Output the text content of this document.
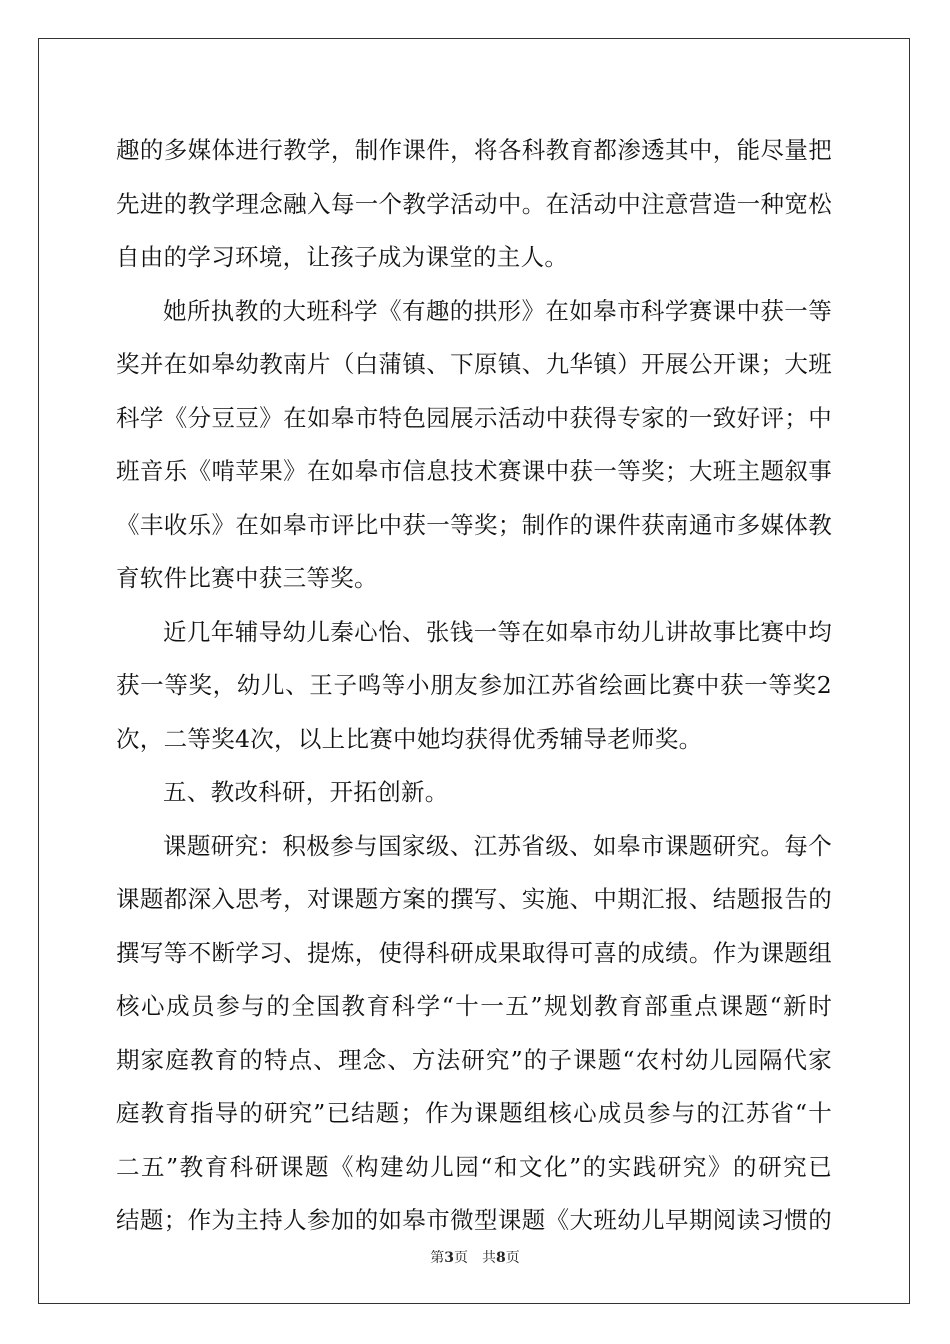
趣的多媒体进行教学，制作课件，将各科教育都渗透其中，能尽量把
先进的教学理念融入每一个教学活动中。在活动中注意营造一种宽松
自由的学习环境，让孩子成为课堂的主人。
她所执教的大班科学《有趣的拱形》在如皋市科学赛课中获一等
奖并在如皋幼教南片（白蒲镇、下原镇、九华镇）开展公开课；大班
科学《分豆豆》在如皋市特色园展示活动中获得专家的一致好评；中
班音乐《啃苹果》在如皋市信息技术赛课中获一等奖；大班主题叙事
《丰收乐》在如皋市评比中获一等奖；制作的课件获南通市多媒体教
育软件比赛中获三等奖。
近几年辅导幼儿秦心怡、张钱一等在如皋市幼儿讲故事比赛中均
获一等奖，幼儿、王子鸣等小朋友参加江苏省绘画比赛中获一等奖2
次，二等奖4次，以上比赛中她均获得优秀辅导老师奖。
五、教改科研，开拓创新。
课题研究：积极参与国家级、江苏省级、如皋市课题研究。每个
课题都深入思考，对课题方案的撰写、实施、中期汇报、结题报告的
撰写等不断学习、提炼，使得科研成果取得可喜的成绩。作为课题组
核心成员参与的全国教育科学“十一五”规划教育部重点课题“新时
期家庭教育的特点、理念、方法研究”的子课题“农村幼儿园隔代家
庭教育指导的研究”已结题；作为课题组核心成员参与的江苏省“十
二五”教育科研课题《构建幼儿园“和文化”的实践研究》的研究已
结题；作为主持人参加的如皋市微型课题《大班幼儿早期阅读习惯的
第3页 共8页
